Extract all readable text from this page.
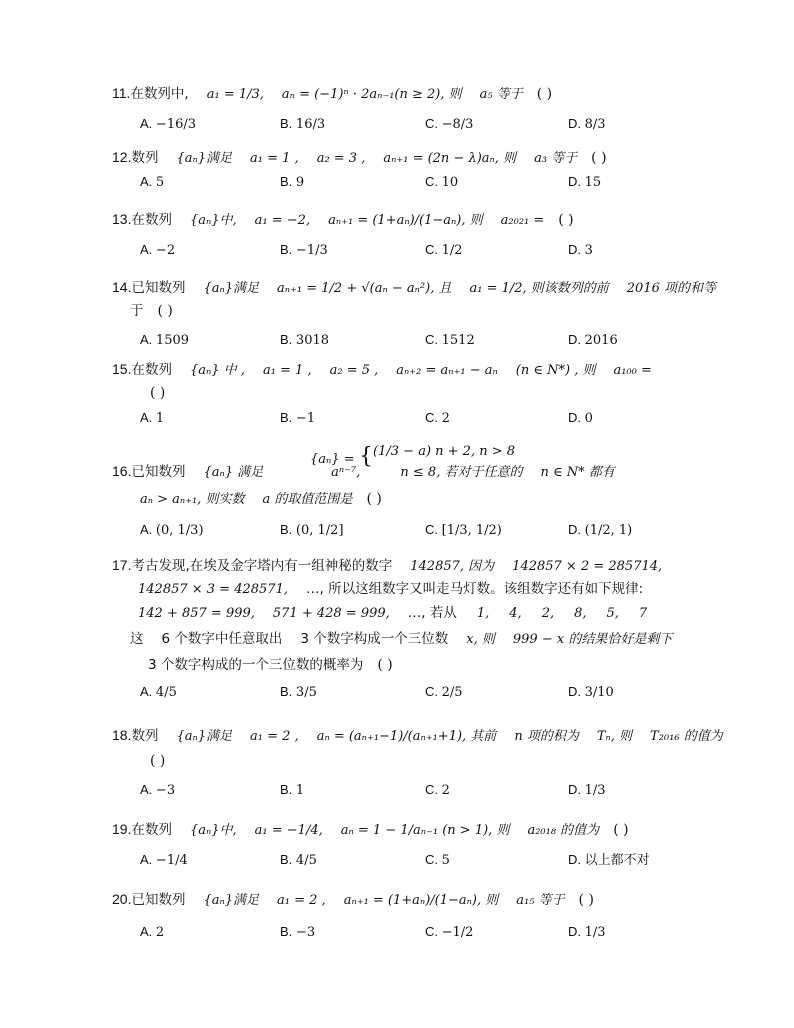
11.在数列中, a₁ = 1/3, aₙ = (−1)ⁿ · 2aₙ₋₁(n ≥ 2), 则 a₅ 等于 ( )
A. −16/3	B. 16/3	C. −8/3	D. 8/3
12.数列 {aₙ}满足 a₁ = 1 , a₂ = 3 , aₙ₊₁ = (2n − λ)aₙ, 则 a₃ 等于 ( )
A. 5	B. 9	C. 10	D. 15
13.在数列 {aₙ}中, a₁ = −2, aₙ₊₁ = (1+aₙ)/(1−aₙ), 则 a₂₀₂₁ = ( )
A. −2	B. −1/3	C. 1/2	D. 3
14.已知数列 {aₙ}满足 aₙ₊₁ = 1/2 + √(aₙ − aₙ²), 且 a₁ = 1/2, 则该数列的前 2016 项的和等
于 ( )
A. 1509	B. 3018	C. 1512	D. 2016
15.在数列 {aₙ} 中 , a₁ = 1 , a₂ = 5 , aₙ₊₂ = aₙ₊₁ − aₙ (n ∈ N*) , 则 a₁₀₀ =
( )
A. 1	B. −1	C. 2	D. 0
{aₙ} = {(1/3 − a) n + 2, n > 8
16.已知数列 {aₙ} 满足	aⁿ⁻⁷,	n ≤ 8, 若对于任意的 n ∈ N* 都有
aₙ > aₙ₊₁, 则实数 a 的取值范围是 ( )
A. (0, 1/3)	B. (0, 1/2]	C. [1/3, 1/2)	D. (1/2, 1)
17.考古发现,在埃及金字塔内有一组神秘的数字 142857, 因为 142857 × 2 = 285714,
142857 × 3 = 428571, …, 所以这组数字又叫走马灯数。该组数字还有如下规律:
142 + 857 = 999, 571 + 428 = 999, …, 若从 1, 4, 2, 8, 5, 7
这 6 个数字中任意取出 3 个数字构成一个三位数 x, 则 999 − x 的结果恰好是剩下
3 个数字构成的一个三位数的概率为 ( )
A. 4/5	B. 3/5	C. 2/5	D. 3/10
18.数列 {aₙ}满足 a₁ = 2 , aₙ = (aₙ₊₁−1)/(aₙ₊₁+1), 其前 n 项的积为 Tₙ, 则 T₂₀₁₆ 的值为
( )
A. −3	B. 1	C. 2	D. 1/3
19.在数列 {aₙ}中, a₁ = −1/4, aₙ = 1 − 1/aₙ₋₁ (n > 1), 则 a₂₀₁₈ 的值为 ( )
A. −1/4	B. 4/5	C. 5	D. 以上都不对
20.已知数列 {aₙ}满足 a₁ = 2 , aₙ₊₁ = (1+aₙ)/(1−aₙ), 则 a₁₅ 等于 ( )
A. 2	B. −3	C. −1/2	D. 1/3
